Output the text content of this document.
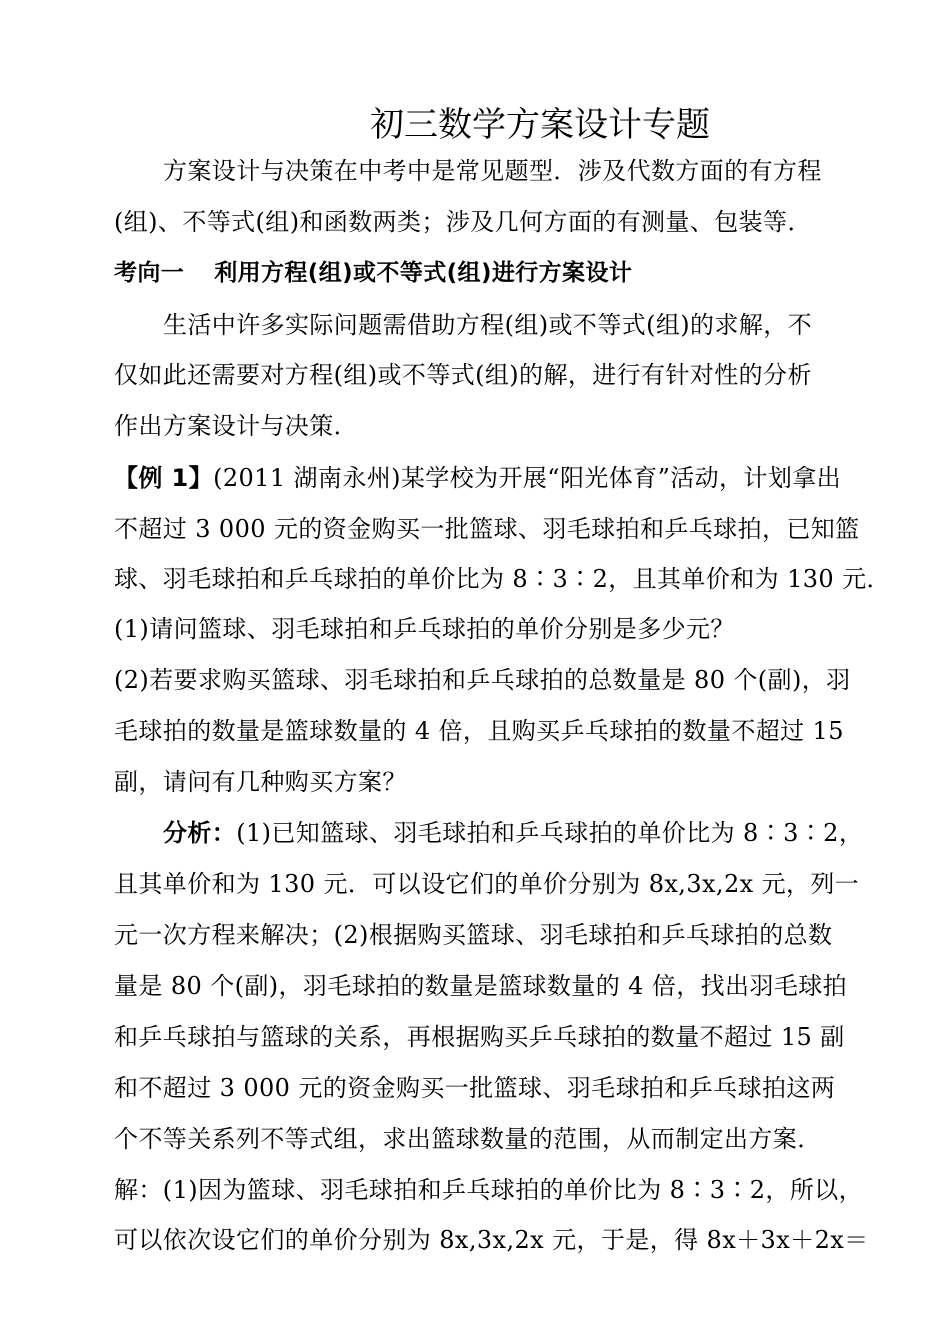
初三数学方案设计专题
方案设计与决策在中考中是常见题型．涉及代数方面的有方程
(组)、不等式(组)和函数两类；涉及几何方面的有测量、包装等．
考向一 利用方程(组)或不等式(组)进行方案设计
生活中许多实际问题需借助方程(组)或不等式(组)的求解，不
仅如此还需要对方程(组)或不等式(组)的解，进行有针对性的分析
作出方案设计与决策．
【例 1】(2011 湖南永州)某学校为开展“阳光体育”活动，计划拿出
不超过 3 000 元的资金购买一批篮球、羽毛球拍和乒乓球拍，已知篮
球、羽毛球拍和乒乓球拍的单价比为 8∶3∶2，且其单价和为 130 元．
(1)请问篮球、羽毛球拍和乒乓球拍的单价分别是多少元？
(2)若要求购买篮球、羽毛球拍和乒乓球拍的总数量是 80 个(副)，羽
毛球拍的数量是篮球数量的 4 倍，且购买乒乓球拍的数量不超过 15
副，请问有几种购买方案？
分析：(1)已知篮球、羽毛球拍和乒乓球拍的单价比为 8∶3∶2，
且其单价和为 130 元．可以设它们的单价分别为 8x,3x,2x 元，列一
元一次方程来解决；(2)根据购买篮球、羽毛球拍和乒乓球拍的总数
量是 80 个(副)，羽毛球拍的数量是篮球数量的 4 倍，找出羽毛球拍
和乒乓球拍与篮球的关系，再根据购买乒乓球拍的数量不超过 15 副
和不超过 3 000 元的资金购买一批篮球、羽毛球拍和乒乓球拍这两
个不等关系列不等式组，求出篮球数量的范围，从而制定出方案．
解：(1)因为篮球、羽毛球拍和乒乓球拍的单价比为 8∶3∶2，所以，
可以依次设它们的单价分别为 8x,3x,2x 元，于是，得 8x＋3x＋2x＝
